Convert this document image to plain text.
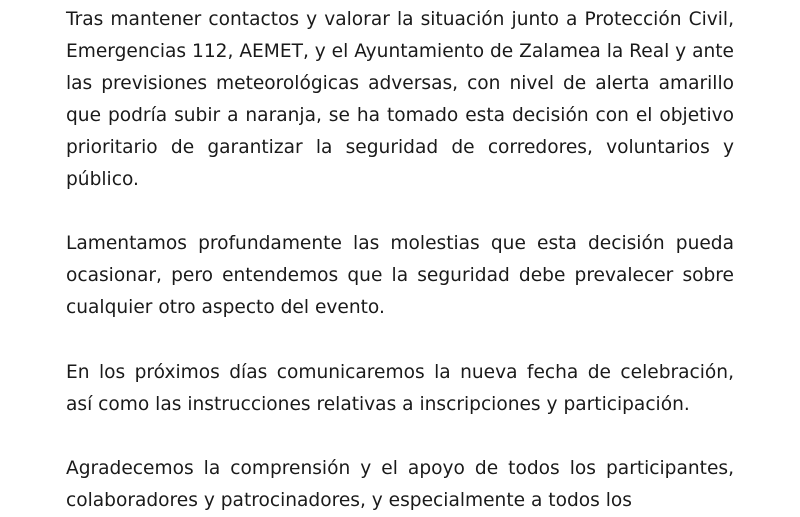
Tras mantener contactos y valorar la situación junto a Protección Civil, Emergencias 112, AEMET, y el Ayuntamiento de Zalamea la Real y ante las previsiones meteorológicas adversas, con nivel de alerta amarillo que podría subir a naranja, se ha tomado esta decisión con el objetivo prioritario de garantizar la seguridad de corredores, voluntarios y público.

Lamentamos profundamente las molestias que esta decisión pueda ocasionar, pero entendemos que la seguridad debe prevalecer sobre cualquier otro aspecto del evento.

En los próximos días comunicaremos la nueva fecha de celebración, así como las instrucciones relativas a inscripciones y participación.

Agradecemos la comprensión y el apoyo de todos los participantes, colaboradores y patrocinadores, y especialmente a todos los
